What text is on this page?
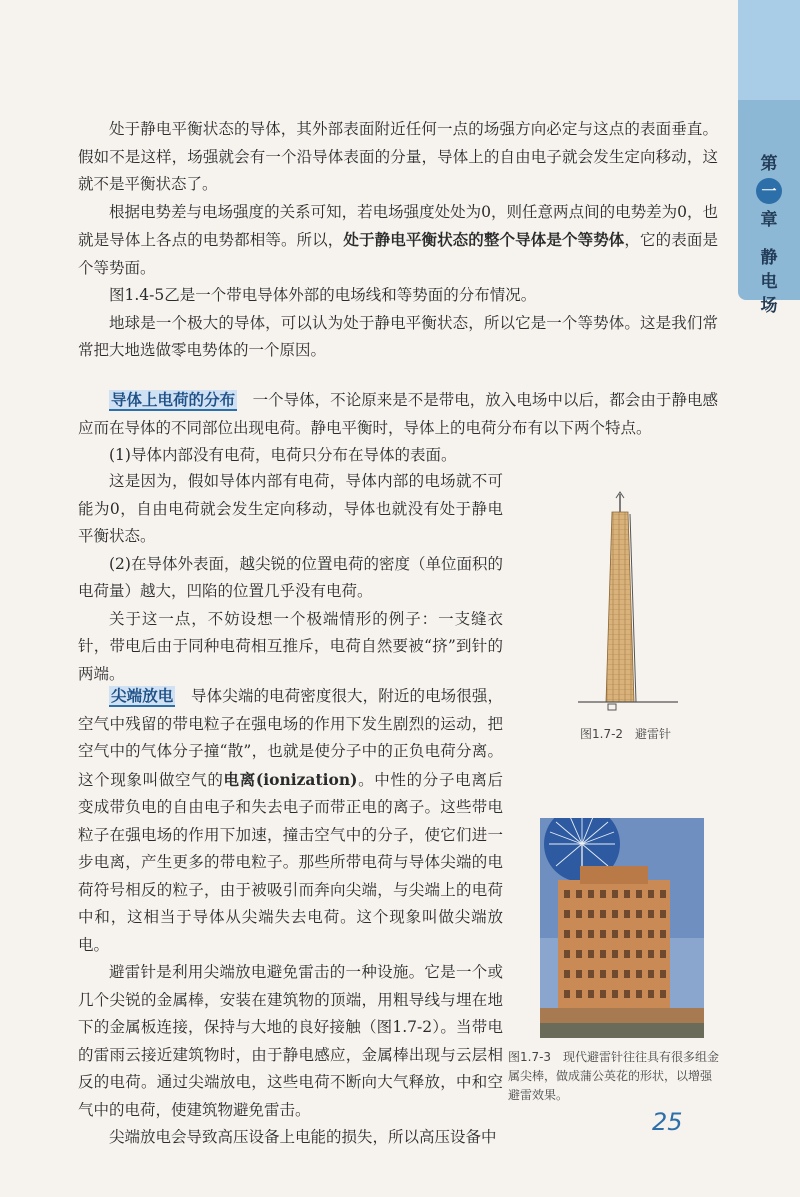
第
一
章
静
电
场

处于静电平衡状态的导体，其外部表面附近任何一点的场强方向必定与这点的表面垂直。假如不是这样，场强就会有一个沿导体表面的分量，导体上的自由电子就会发生定向移动，这就不是平衡状态了。

根据电势差与电场强度的关系可知，若电场强度处处为0，则任意两点间的电势差为0，也就是导体上各点的电势都相等。所以，处于静电平衡状态的整个导体是个等势体，它的表面是个等势面。

图1.4-5乙是一个带电导体外部的电场线和等势面的分布情况。

地球是一个极大的导体，可以认为处于静电平衡状态，所以它是一个等势体。这是我们常常把大地选做零电势体的一个原因。

导体上电荷的分布　 一个导体，不论原来是不是带电，放入电场中以后，都会由于静电感应而在导体的不同部位出现电荷。静电平衡时，导体上的电荷分布有以下两个特点。

(1)导体内部没有电荷，电荷只分布在导体的表面。

这是因为，假如导体内部有电荷，导体内部的电场就不可能为0，自由电荷就会发生定向移动，导体也就没有处于静电平衡状态。

(2)在导体外表面，越尖锐的位置电荷的密度（单位面积的电荷量）越大，凹陷的位置几乎没有电荷。

关于这一点，不妨设想一个极端情形的例子：一支缝衣针，带电后由于同种电荷相互推斥，电荷自然要被“挤”到针的两端。

尖端放电　 导体尖端的电荷密度很大，附近的电场很强，空气中残留的带电粒子在强电场的作用下发生剧烈的运动，把空气中的气体分子撞“散”，也就是使分子中的正负电荷分离。这个现象叫做空气的电离(ionization)。中性的分子电离后变成带负电的自由电子和失去电子而带正电的离子。这些带电粒子在强电场的作用下加速，撞击空气中的分子，使它们进一步电离，产生更多的带电粒子。那些所带电荷与导体尖端的电荷符号相反的粒子，由于被吸引而奔向尖端，与尖端上的电荷中和，这相当于导体从尖端失去电荷。这个现象叫做尖端放电。

避雷针是利用尖端放电避免雷击的一种设施。它是一个或几个尖锐的金属棒，安装在建筑物的顶端，用粗导线与埋在地下的金属板连接，保持与大地的良好接触（图1.7-2）。当带电的雷雨云接近建筑物时，由于静电感应，金属棒出现与云层相反的电荷。通过尖端放电，这些电荷不断向大气释放，中和空气中的电荷，使建筑物避免雷击。

尖端放电会导致高压设备上电能的损失，所以高压设备中

图1.7-2　避雷针
图1.7-3　现代避雷针往往具有很多组金属尖棒，做成蒲公英花的形状，以增强避雷效果。
25
